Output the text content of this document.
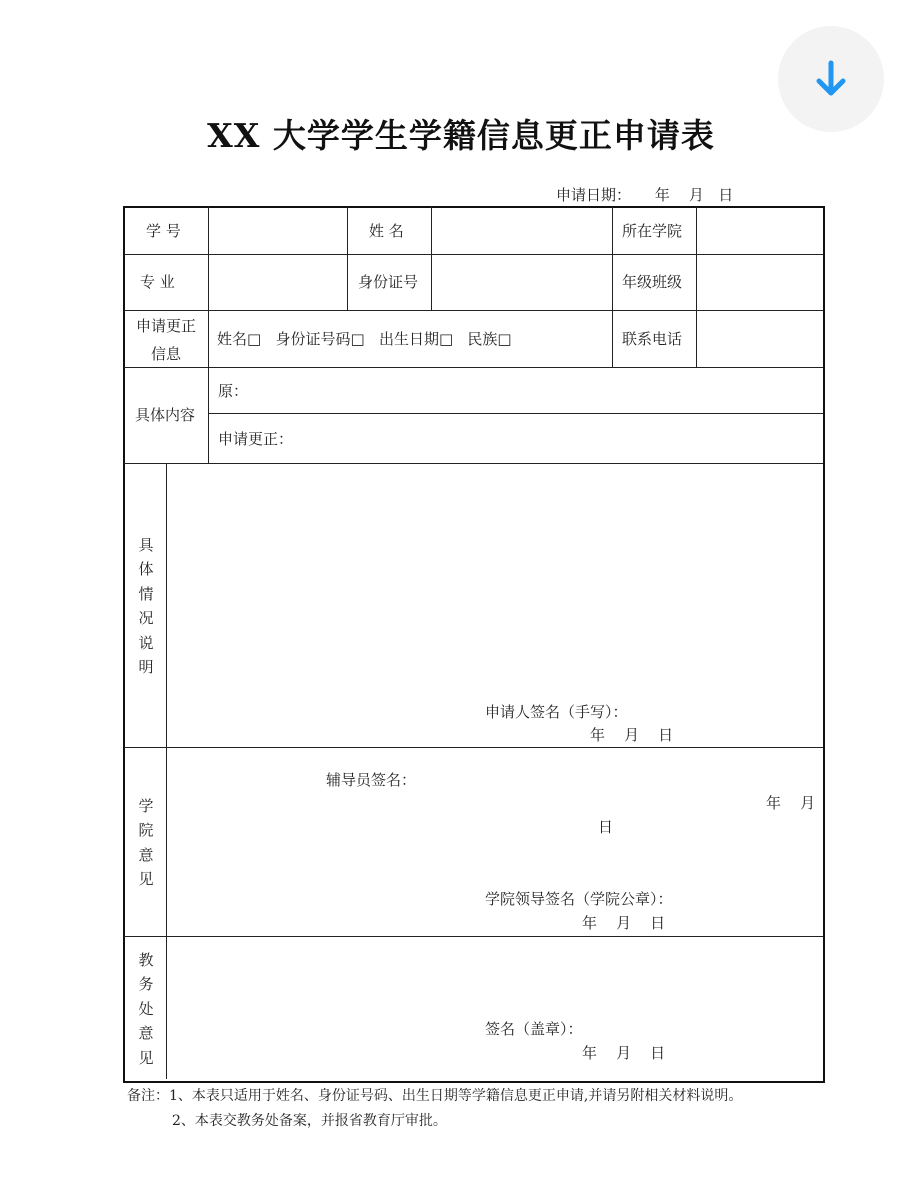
XX 大学学生学籍信息更正申请表
申请日期：     年    月   日
学 号	姓 名	所在学院
专 业	身份证号	年级班级
申请更正
信息
姓名□   身份证号码□   出生日期□   民族□	联系电话
具体内容
原：
申请更正：
具体情况说明
申请人签名（手写）：
年    月    日
学院意见
辅导员签名：
年    月
日
学院领导签名（学院公章）：
年    月    日
教务处意见
签名（盖章）：
年    月    日
备注：1、本表只适用于姓名、身份证号码、出生日期等学籍信息更正申请,并请另附相关材料说明。
2、本表交教务处备案，并报省教育厅审批。
